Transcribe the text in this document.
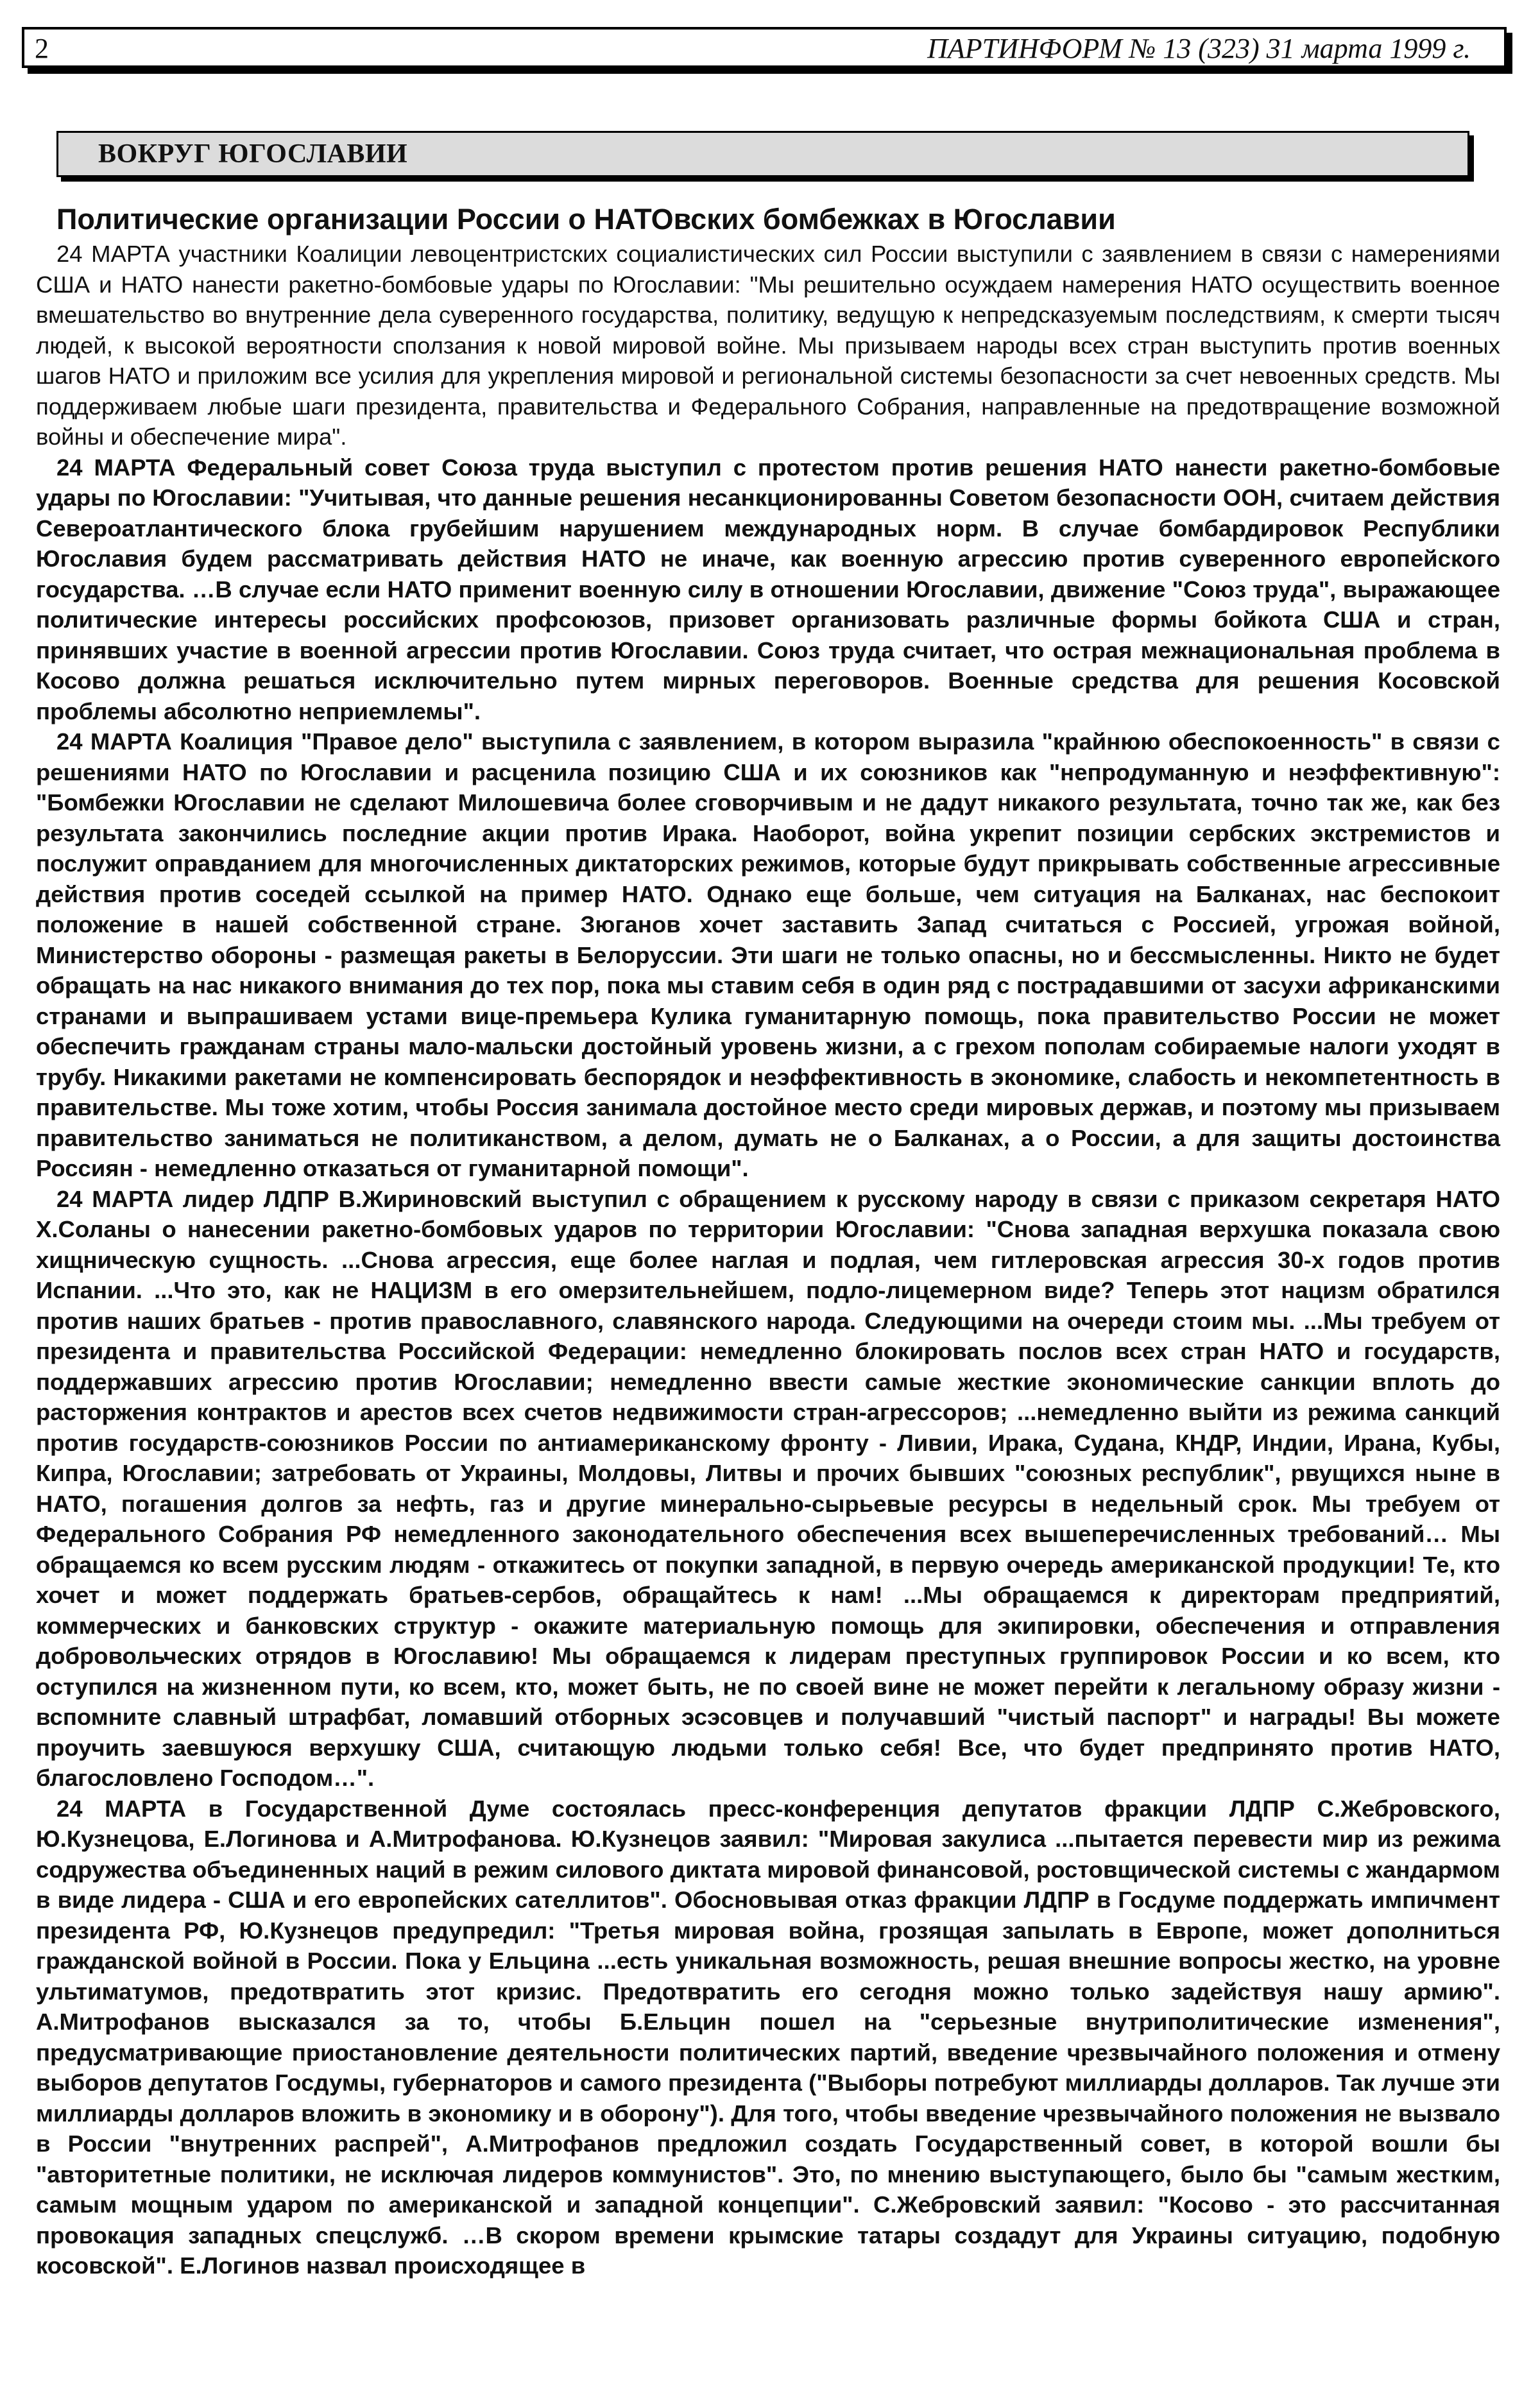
2	ПАРТИНФОРМ № 13 (323) 31 марта 1999 г.
ВОКРУГ ЮГОСЛАВИИ
Политические организации России о НАТОвских бомбежках в Югославии

24 МАРТА участники Коалиции левоцентристских социалистических сил России выступили с заявлением в связи с намерениями США и НАТО нанести ракетно-бомбовые удары по Югославии: "Мы решительно осуждаем намерения НАТО осуществить военное вмешательство во внутренние дела суверенного государства, политику, ведущую к непредсказуемым последствиям, к смерти тысяч людей, к высокой вероятности сползания к новой мировой войне. Мы призываем народы всех стран выступить против военных шагов НАТО и приложим все усилия для укрепления мировой и региональной системы безопасности за счет невоенных средств. Мы поддерживаем любые шаги президента, правительства и Федерального Собрания, направленные на предотвращение возможной войны и обеспечение мира".

24 МАРТА Федеральный совет Союза труда выступил с протестом против решения НАТО нанести ракетно-бомбовые удары по Югославии: "Учитывая, что данные решения несанкционированны Советом безопасности ООН, считаем действия Североатлантического блока грубейшим нарушением международных норм. В случае бомбардировок Республики Югославия будем рассматривать действия НАТО не иначе, как военную агрессию против суверенного европейского государства. …В случае если НАТО применит военную силу в отношении Югославии, движение "Союз труда", выражающее политические интересы российских профсоюзов, призовет организовать различные формы бойкота США и стран, принявших участие в военной агрессии против Югославии. Союз труда считает, что острая межнациональная проблема в Косово должна решаться исключительно путем мирных переговоров. Военные средства для решения Косовской проблемы абсолютно неприемлемы".

24 МАРТА Коалиция "Правое дело" выступила с заявлением, в котором выразила "крайнюю обеспокоенность" в связи с решениями НАТО по Югославии и расценила позицию США и их союзников как "непродуманную и неэффективную": "Бомбежки Югославии не сделают Милошевича более сговорчивым и не дадут никакого результата, точно так же, как без результата закончились последние акции против Ирака. Наоборот, война укрепит позиции сербских экстремистов и послужит оправданием для многочисленных диктаторских режимов, которые будут прикрывать собственные агрессивные действия против соседей ссылкой на пример НАТО. Однако еще больше, чем ситуация на Балканах, нас беспокоит положение в нашей собственной стране. Зюганов хочет заставить Запад считаться с Россией, угрожая войной, Министерство обороны - размещая ракеты в Белоруссии. Эти шаги не только опасны, но и бессмысленны. Никто не будет обращать на нас никакого внимания до тех пор, пока мы ставим себя в один ряд с пострадавшими от засухи африканскими странами и выпрашиваем устами вице-премьера Кулика гуманитарную помощь, пока правительство России не может обеспечить гражданам страны мало-мальски достойный уровень жизни, а с грехом пополам собираемые налоги уходят в трубу. Никакими ракетами не компенсировать беспорядок и неэффективность в экономике, слабость и некомпетентность в правительстве. Мы тоже хотим, чтобы Россия занимала достойное место среди мировых держав, и поэтому мы призываем правительство заниматься не политиканством, а делом, думать не о Балканах, а о России, а для защиты достоинства Россиян - немедленно отказаться от гуманитарной помощи".

24 МАРТА лидер ЛДПР В.Жириновский выступил с обращением к русскому народу в связи с приказом секретаря НАТО Х.Соланы о нанесении ракетно-бомбовых ударов по территории Югославии: "Снова западная верхушка показала свою хищническую сущность. ...Снова агрессия, еще более наглая и подлая, чем гитлеровская агрессия 30-х годов против Испании. ...Что это, как не НАЦИЗМ в его омерзительнейшем, подло-лицемерном виде? Теперь этот нацизм обратился против наших братьев - против православного, славянского народа. Следующими на очереди стоим мы. ...Мы требуем от президента и правительства Российской Федерации: немедленно блокировать послов всех стран НАТО и государств, поддержавших агрессию против Югославии; немедленно ввести самые жесткие экономические санкции вплоть до расторжения контрактов и арестов всех счетов недвижимости стран-агрессоров; ...немедленно выйти из режима санкций против государств-союзников России по антиамериканскому фронту - Ливии, Ирака, Судана, КНДР, Индии, Ирана, Кубы, Кипра, Югославии; затребовать от Украины, Молдовы, Литвы и прочих бывших "союзных республик", рвущихся ныне в НАТО, погашения долгов за нефть, газ и другие минерально-сырьевые ресурсы в недельный срок. Мы требуем от Федерального Собрания РФ немедленного законодательного обеспечения всех вышеперечисленных требований… Мы обращаемся ко всем русским людям - откажитесь от покупки западной, в первую очередь американской продукции! Те, кто хочет и может поддержать братьев-сербов, обращайтесь к нам! ...Мы обращаемся к директорам предприятий, коммерческих и банковских структур - окажите материальную помощь для экипировки, обеспечения и отправления добровольческих отрядов в Югославию! Мы обращаемся к лидерам преступных группировок России и ко всем, кто оступился на жизненном пути, ко всем, кто, может быть, не по своей вине не может перейти к легальному образу жизни - вспомните славный штрафбат, ломавший отборных эсэсовцев и получавший "чистый паспорт" и награды! Вы можете проучить заевшуюся верхушку США, считающую людьми только себя! Все, что будет предпринято против НАТО, благословлено Господом…".

24 МАРТА в Государственной Думе состоялась пресс-конференция депутатов фракции ЛДПР С.Жебровского, Ю.Кузнецова, Е.Логинова и А.Митрофанова. Ю.Кузнецов заявил: "Мировая закулиса ...пытается перевести мир из режима содружества объединенных наций в режим силового диктата мировой финансовой, ростовщической системы с жандармом в виде лидера - США и его европейских сателлитов". Обосновывая отказ фракции ЛДПР в Госдуме поддержать импичмент президента РФ, Ю.Кузнецов предупредил: "Третья мировая война, грозящая запылать в Европе, может дополниться гражданской войной в России. Пока у Ельцина ...есть уникальная возможность, решая внешние вопросы жестко, на уровне ультиматумов, предотвратить этот кризис. Предотвратить его сегодня можно только задействуя нашу армию". А.Митрофанов высказался за то, чтобы Б.Ельцин пошел на "серьезные внутриполитические изменения", предусматривающие приостановление деятельности политических партий, введение чрезвычайного положения и отмену выборов депутатов Госдумы, губернаторов и самого президента ("Выборы потребуют миллиарды долларов. Так лучше эти миллиарды долларов вложить в экономику и в оборону"). Для того, чтобы введение чрезвычайного положения не вызвало в России "внутренних распрей", А.Митрофанов предложил создать Государственный совет, в которой вошли бы "авторитетные политики, не исключая лидеров коммунистов". Это, по мнению выступающего, было бы "самым жестким, самым мощным ударом по американской и западной концепции". С.Жебровский заявил: "Косово - это рассчитанная провокация западных спецслужб. …В скором времени крымские татары создадут для Украины ситуацию, подобную косовской". Е.Логинов назвал происходящее в
